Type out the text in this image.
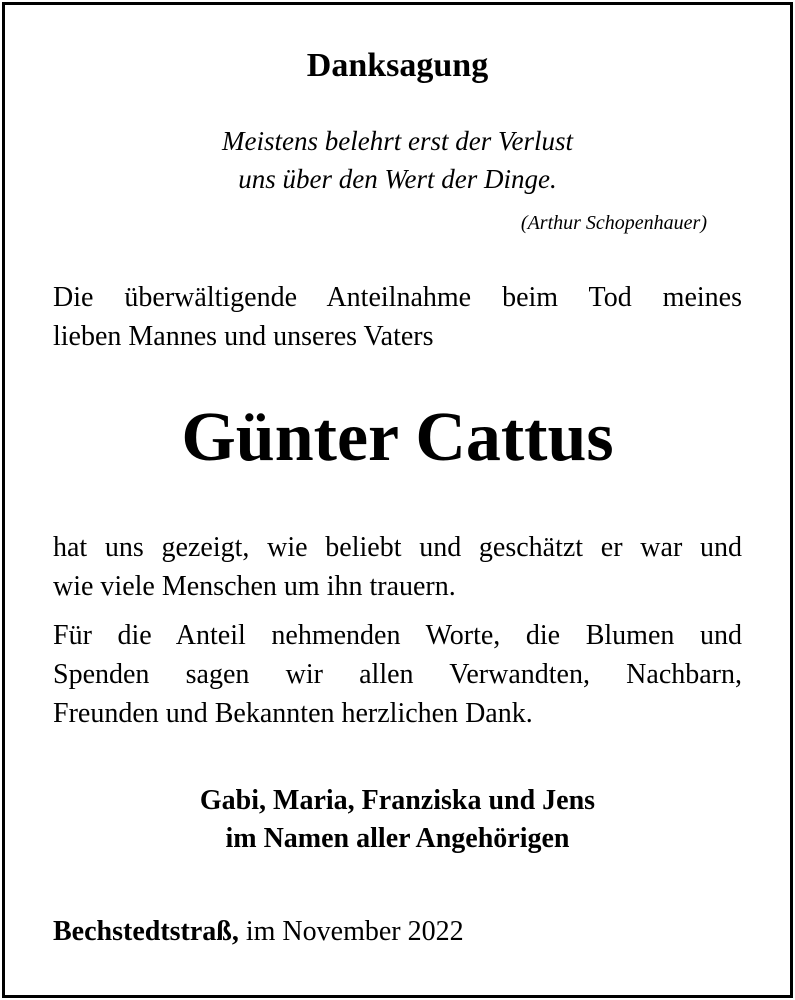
Danksagung
Meistens belehrt erst der Verlust
uns über den Wert der Dinge.
(Arthur Schopenhauer)
Die überwältigende Anteilnahme beim Tod meines
lieben Mannes und unseres Vaters
Günter Cattus
hat uns gezeigt, wie beliebt und geschätzt er war und
wie viele Menschen um ihn trauern.
Für die Anteil nehmenden Worte, die Blumen und
Spenden sagen wir allen Verwandten, Nachbarn,
Freunden und Bekannten herzlichen Dank.
Gabi, Maria, Franziska und Jens
im Namen aller Angehörigen
Bechstedtstraß, im November 2022
